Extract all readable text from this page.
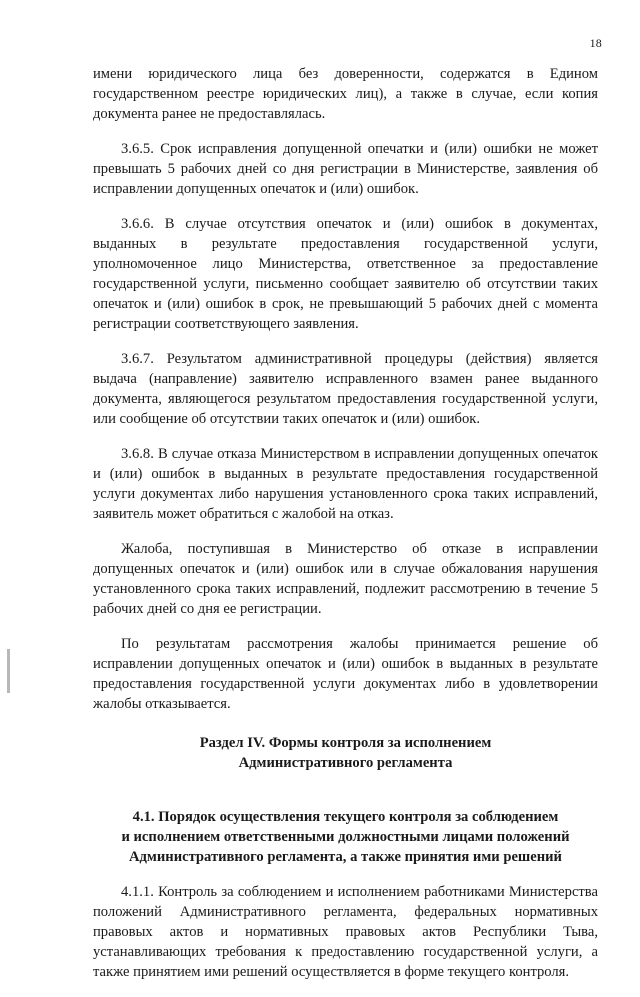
18

имени юридического лица без доверенности, содержатся в Едином государственном реестре юридических лиц), а также в случае, если копия документа ранее не предоставлялась.

3.6.5. Срок исправления допущенной опечатки и (или) ошибки не может превышать 5 рабочих дней со дня регистрации в Министерстве, заявления об исправлении допущенных опечаток и (или) ошибок.

3.6.6. В случае отсутствия опечаток и (или) ошибок в документах, выданных в результате предоставления государственной услуги, уполномоченное лицо Министерства, ответственное за предоставление государственной услуги, письменно сообщает заявителю об отсутствии таких опечаток и (или) ошибок в срок, не превышающий 5 рабочих дней с момента регистрации соответствующего заявления.

3.6.7. Результатом административной процедуры (действия) является выдача (направление) заявителю исправленного взамен ранее выданного документа, являющегося результатом предоставления государственной услуги, или сообщение об отсутствии таких опечаток и (или) ошибок.

3.6.8. В случае отказа Министерством в исправлении допущенных опечаток и (или) ошибок в выданных в результате предоставления государственной услуги документах либо нарушения установленного срока таких исправлений, заявитель может обратиться с жалобой на отказ.

Жалоба, поступившая в Министерство об отказе в исправлении допущенных опечаток и (или) ошибок или в случае обжалования нарушения установленного срока таких исправлений, подлежит рассмотрению в течение 5 рабочих дней со дня ее регистрации.

По результатам рассмотрения жалобы принимается решение об исправлении допущенных опечаток и (или) ошибок в выданных в результате предоставления государственной услуги документах либо в удовлетворении жалобы отказывается.

Раздел IV. Формы контроля за исполнением
Административного регламента
4.1. Порядок осуществления текущего контроля за соблюдением
и исполнением ответственными должностными лицами положений
Административного регламента, а также принятия ими решений

4.1.1. Контроль за соблюдением и исполнением работниками Министерства положений Административного регламента, федеральных нормативных правовых актов и нормативных правовых актов Республики Тыва, устанавливающих требования к предоставлению государственной услуги, а также принятием ими решений осуществляется в форме текущего контроля.
